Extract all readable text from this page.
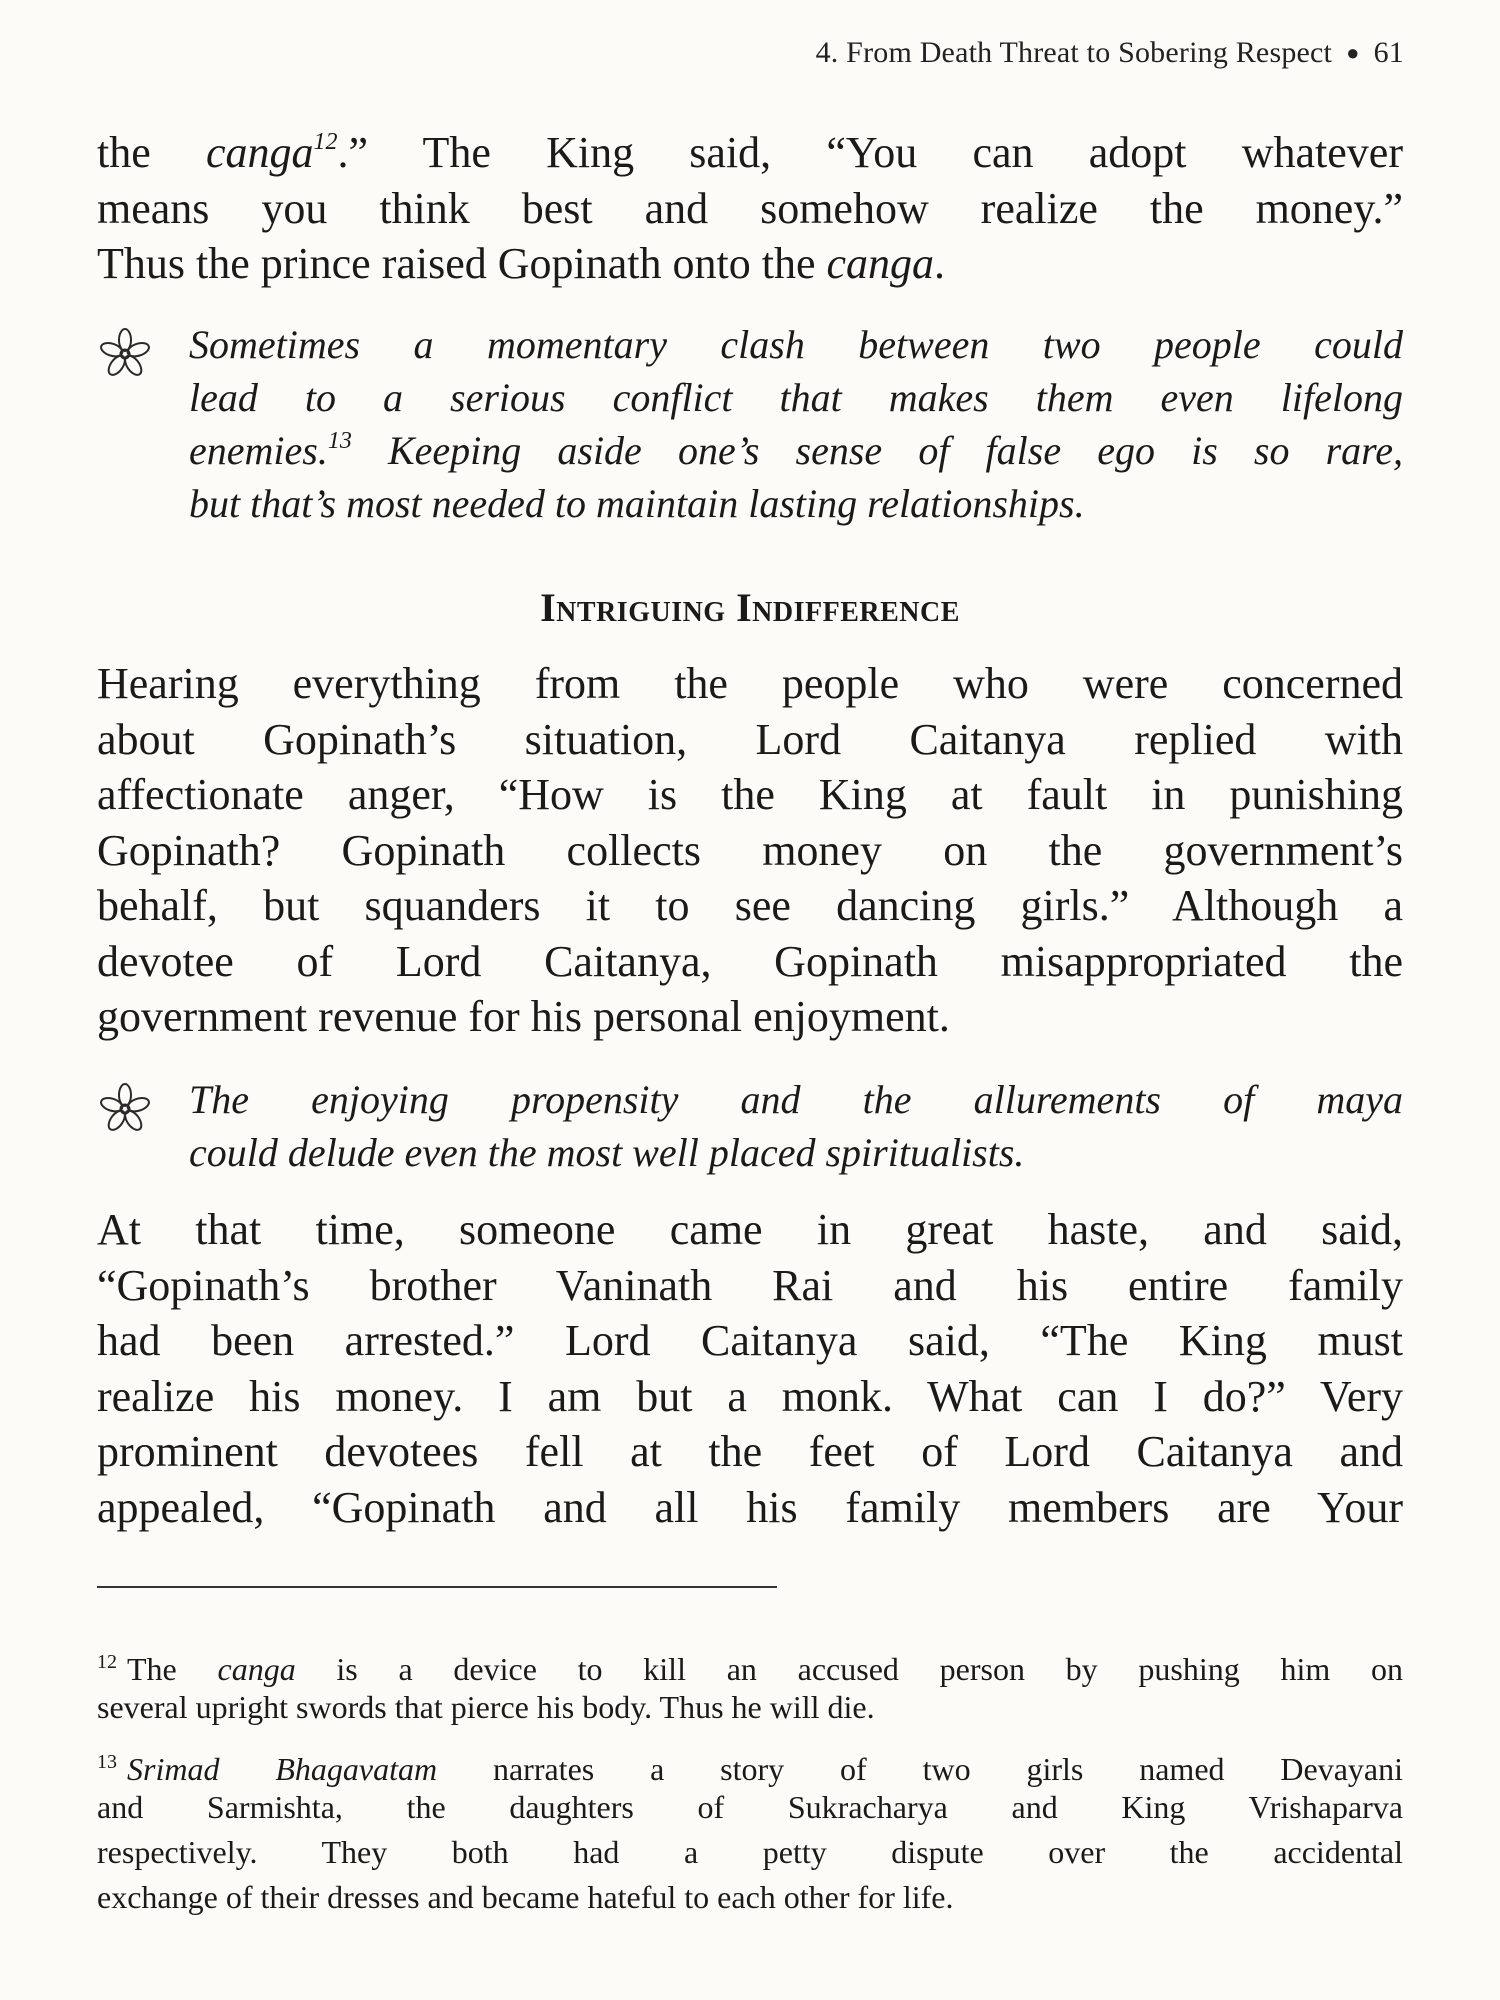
4. From Death Threat to Sobering Respect ● 61
the canga$^{12}$.” The King said, “You can adopt whatever
means you think best and somehow realize the money.”
Thus the prince raised Gopinath onto the canga.
Sometimes a momentary clash between two people could
lead to a serious conflict that makes them even lifelong
enemies.$^{13}$ Keeping aside one’s sense of false ego is so rare,
but that’s most needed to maintain lasting relationships.
Intriguing Indifference
Hearing everything from the people who were concerned
about Gopinath’s situation, Lord Caitanya replied with
affectionate anger, “How is the King at fault in punishing
Gopinath? Gopinath collects money on the government’s
behalf, but squanders it to see dancing girls.” Although a
devotee of Lord Caitanya, Gopinath misappropriated the
government revenue for his personal enjoyment.
The enjoying propensity and the allurements of maya
could delude even the most well placed spiritualists.
At that time, someone came in great haste, and said,
“Gopinath’s brother Vaninath Rai and his entire family
had been arrested.” Lord Caitanya said, “The King must
realize his money. I am but a monk. What can I do?” Very
prominent devotees fell at the feet of Lord Caitanya and
appealed, “Gopinath and all his family members are Your
$^{12}$ The canga is a device to kill an accused person by pushing him on
several upright swords that pierce his body. Thus he will die.
$^{13}$ Srimad Bhagavatam narrates a story of two girls named Devayani
and Sarmishta, the daughters of Sukracharya and King Vrishaparva
respectively. They both had a petty dispute over the accidental
exchange of their dresses and became hateful to each other for life.
